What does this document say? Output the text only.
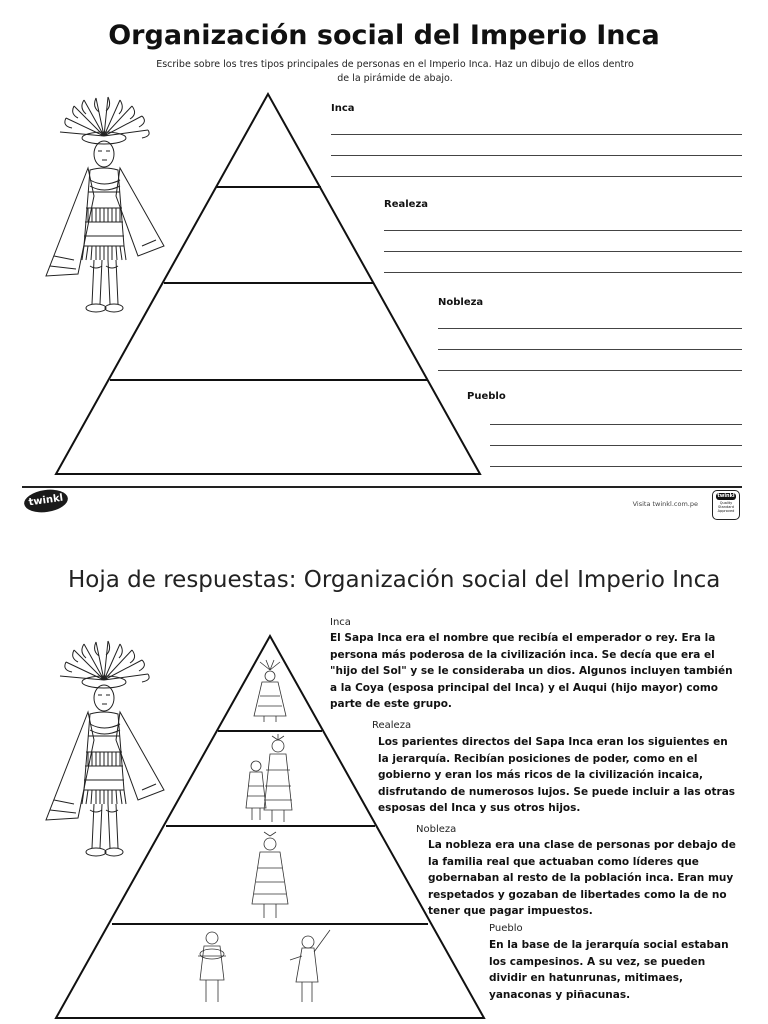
Organización social del Imperio Inca
Escribe sobre los tres tipos principales de personas en el Imperio Inca. Haz un dibujo de ellos dentro de la pirámide de abajo.
Inca
Realeza
Nobleza
Pueblo
twinkl	Visita twinkl.com.pe
twinkl
Quality Standard Approved
Hoja de respuestas: Organización social del Imperio Inca
Inca
El Sapa Inca era el nombre que recibía el emperador o rey. Era la persona más poderosa de la civilización inca. Se decía que era el "hijo del Sol" y se le consideraba un dios. Algunos incluyen también a la Coya (esposa principal del Inca) y el Auqui (hijo mayor) como parte de este grupo.
Realeza
Los parientes directos del Sapa Inca eran los siguientes en la jerarquía. Recibían posiciones de poder, como en el gobierno y eran los más ricos de la civilización incaica, disfrutando de numerosos lujos. Se puede incluir a las otras esposas del Inca y sus otros hijos.
Nobleza
La nobleza era una clase de personas por debajo de la familia real que actuaban como líderes que gobernaban al resto de la población inca. Eran muy respetados y gozaban de libertades como la de no tener que pagar impuestos.
Pueblo
En la base de la jerarquía social estaban los campesinos. A su vez, se pueden dividir en hatunrunas, mitimaes, yanaconas y piñacunas.
